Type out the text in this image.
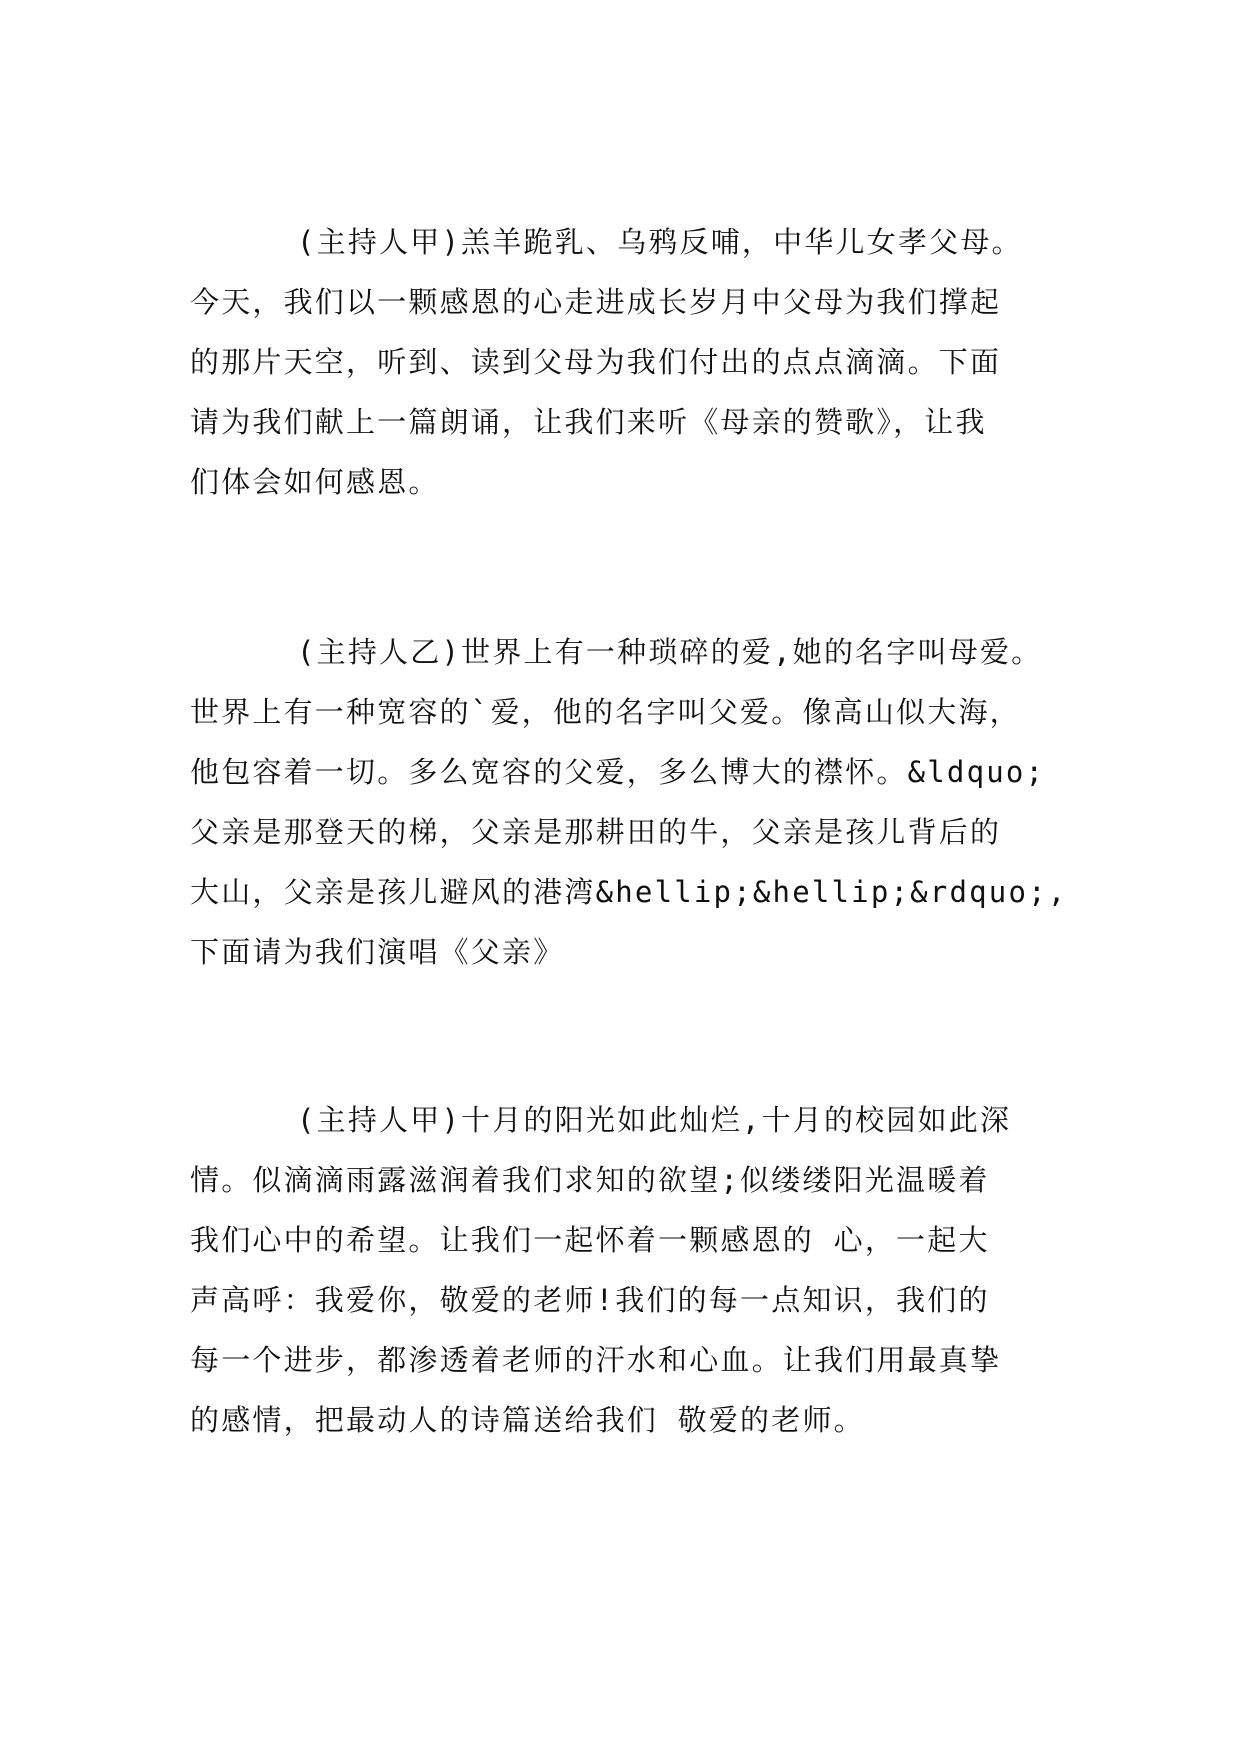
(主持人甲)羔羊跪乳、乌鸦反哺，中华儿女孝父母。
今天，我们以一颗感恩的心走进成长岁月中父母为我们撑起
的那片天空，听到、读到父母为我们付出的点点滴滴。下面
请为我们献上一篇朗诵，让我们来听《母亲的赞歌》，让我
们体会如何感恩。
(主持人乙)世界上有一种琐碎的爱,她的名字叫母爱。
世界上有一种宽容的`爱，他的名字叫父爱。像高山似大海，
他包容着一切。多么宽容的父爱，多么博大的襟怀。&ldquo;
父亲是那登天的梯，父亲是那耕田的牛，父亲是孩儿背后的
大山，父亲是孩儿避风的港湾&hellip;&hellip;&rdquo;,
下面请为我们演唱《父亲》
(主持人甲)十月的阳光如此灿烂,十月的校园如此深
情。似滴滴雨露滋润着我们求知的欲望;似缕缕阳光温暖着
我们心中的希望。让我们一起怀着一颗感恩的 心，一起大
声高呼：我爱你，敬爱的老师!我们的每一点知识，我们的
每一个进步，都渗透着老师的汗水和心血。让我们用最真挚
的感情，把最动人的诗篇送给我们 敬爱的老师。
